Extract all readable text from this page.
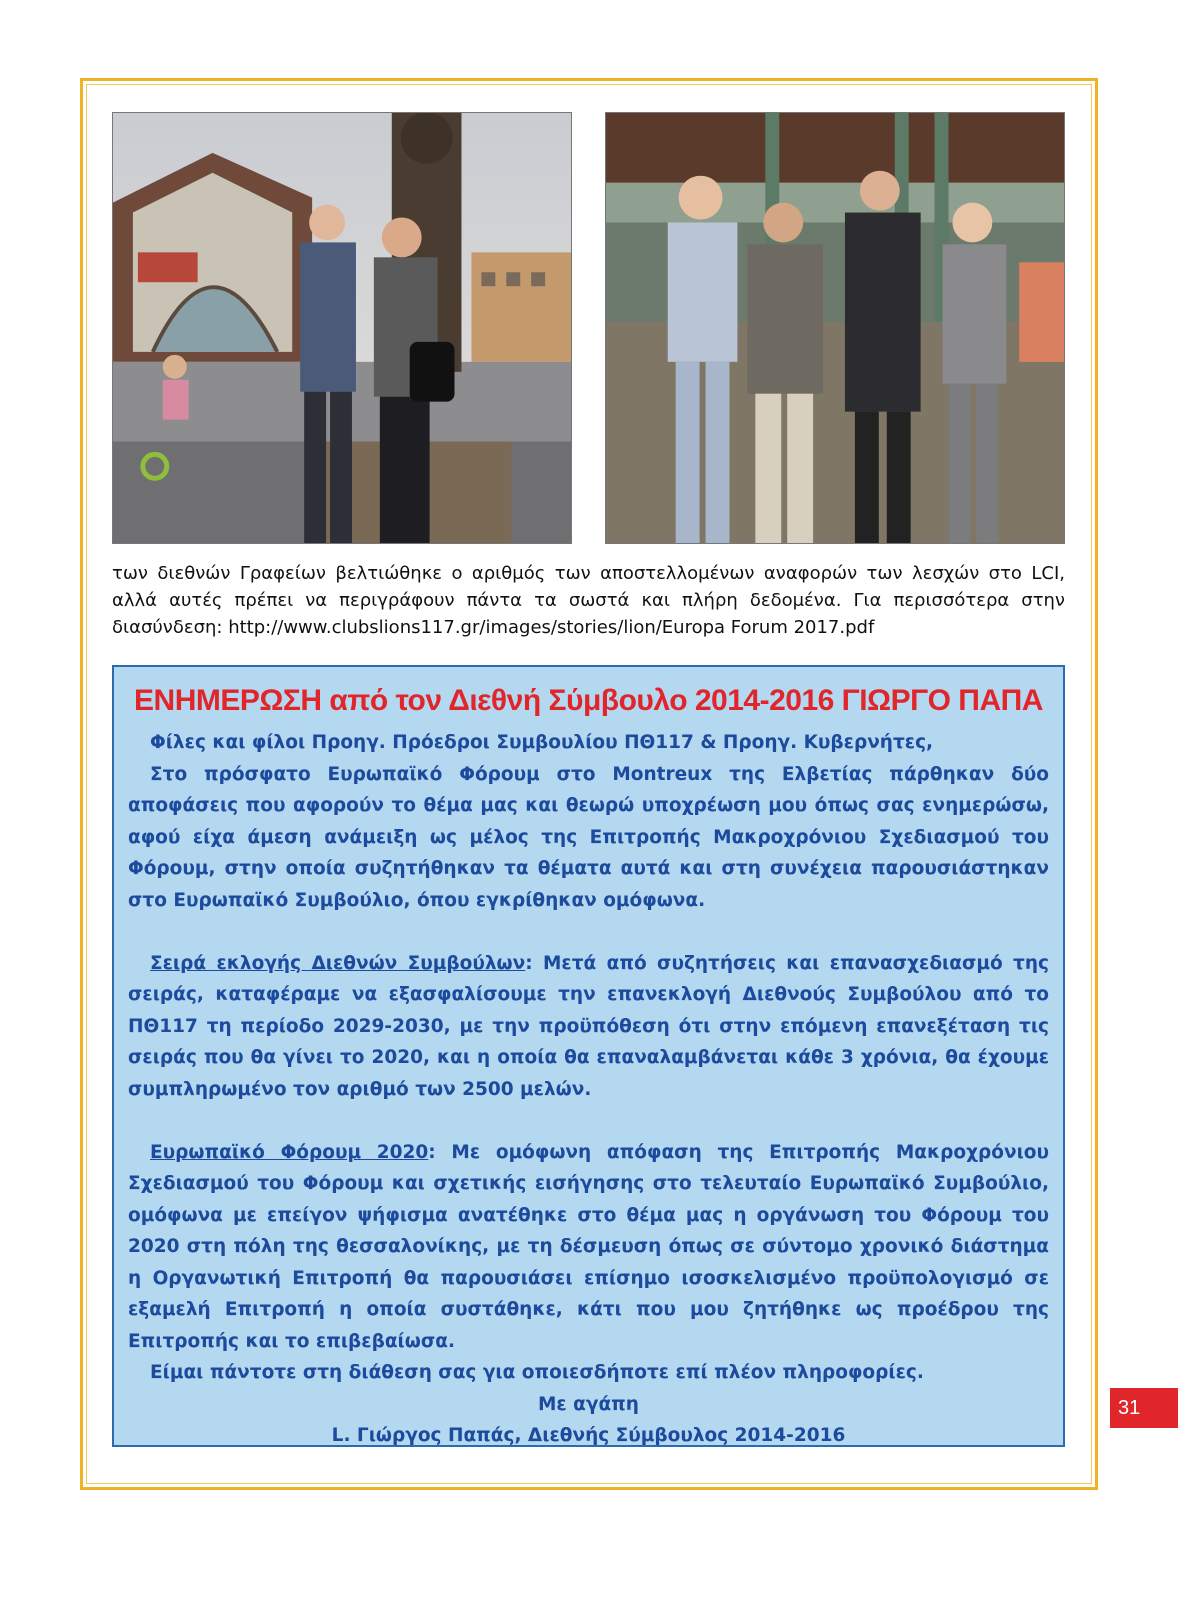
των διεθνών Γραφείων βελτιώθηκε ο αριθμός των αποστελλομένων αναφορών των λεσχών στο LCI, αλλά αυτές πρέπει να περιγράφουν πάντα τα σωστά και πλήρη δεδομένα. Για περισσότερα στην διασύνδεση: http://www.clubslions117.gr/images/stories/lion/Europa Forum 2017.pdf

ΕΝΗΜΕΡΩΣΗ από τον Διεθνή Σύμβουλο 2014-2016 ΓΙΩΡΓΟ ΠΑΠΑ

Φίλες και φίλοι Προηγ. Πρόεδροι Συμβουλίου ΠΘ117 & Προηγ. Κυβερνήτες,

Στο πρόσφατο Ευρωπαϊκό Φόρουμ στο Montreux της Ελβετίας πάρθηκαν δύο αποφάσεις που αφορούν το θέμα μας και θεωρώ υποχρέωση μου όπως σας ενημερώσω, αφού είχα άμεση ανάμειξη ως μέλος της Επιτροπής Μακροχρόνιου Σχεδιασμού του Φόρουμ, στην οποία συζητήθηκαν τα θέματα αυτά και στη συνέχεια παρουσιάστηκαν στο Ευρωπαϊκό Συμβούλιο, όπου εγκρίθηκαν ομόφωνα.

Σειρά εκλογής Διεθνών Συμβούλων: Μετά από συζητήσεις και επανασχεδιασμό της σειράς, καταφέραμε να εξασφαλίσουμε την επανεκλογή Διεθνούς Συμβούλου από το ΠΘ117 τη περίοδο 2029-2030, με την προϋπόθεση ότι στην επόμενη επανεξέταση τις σειράς που θα γίνει το 2020, και η οποία θα επαναλαμβάνεται κάθε 3 χρόνια, θα έχουμε συμπληρωμένο τον αριθμό των 2500 μελών.

Ευρωπαϊκό Φόρουμ 2020: Με ομόφωνη απόφαση της Επιτροπής Μακροχρόνιου Σχεδιασμού του Φόρουμ και σχετικής εισήγησης στο τελευταίο Ευρωπαϊκό Συμβούλιο, ομόφωνα με επείγον ψήφισμα ανατέθηκε στο θέμα μας η οργάνωση του Φόρουμ του 2020 στη πόλη της θεσσαλονίκης, με τη δέσμευση όπως σε σύντομο χρονικό διάστημα η Οργανωτική Επιτροπή θα παρουσιάσει επίσημο ισοσκελισμένο προϋπολογισμό σε εξαμελή Επιτροπή η οποία συστάθηκε, κάτι που μου ζητήθηκε ως προέδρου της Επιτροπής και το επιβεβαίωσα.

Είμαι πάντοτε στη διάθεση σας για οποιεσδήποτε επί πλέον πληροφορίες.

Με αγάπη

L. Γιώργος Παπάς, Διεθνής Σύμβουλος 2014-2016

31
